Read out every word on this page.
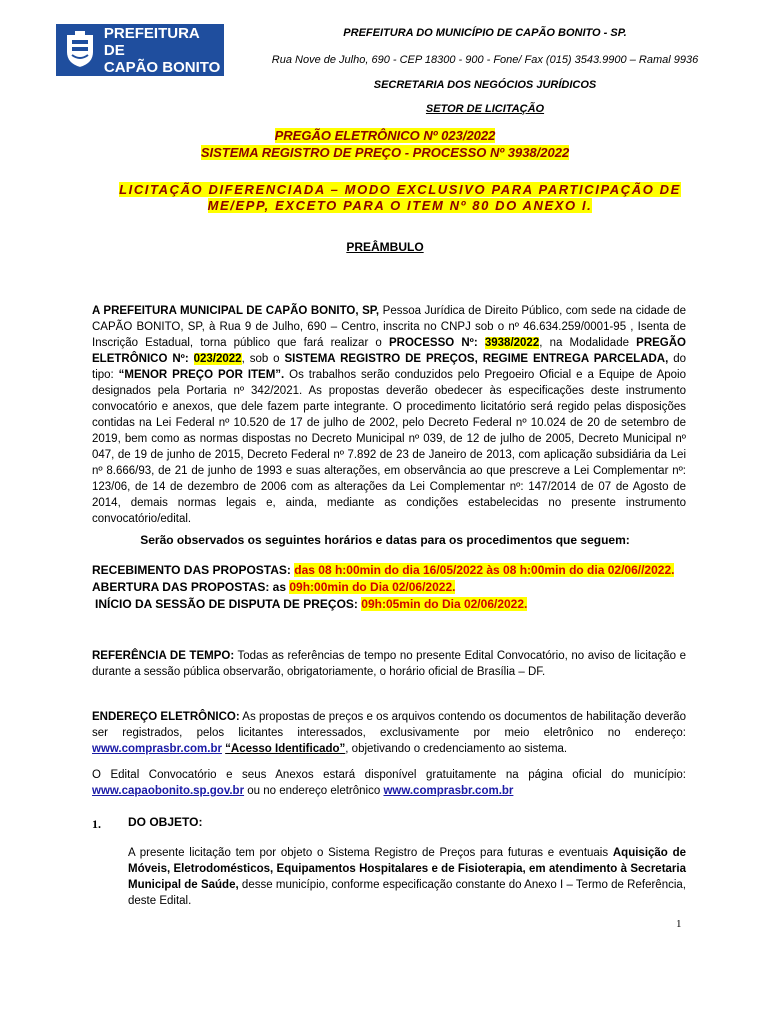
PREFEITURA DE
CAPÃO BONITO
PREFEITURA DO MUNICÍPIO DE CAPÃO BONITO - SP.
Rua Nove de Julho, 690 - CEP 18300 - 900 - Fone/ Fax (015) 3543.9900 – Ramal 9936
SECRETARIA DOS NEGÓCIOS JURÍDICOS
SETOR DE LICITAÇÃO
PREGÃO ELETRÔNICO Nº 023/2022
SISTEMA REGISTRO DE PREÇO - PROCESSO Nº 3938/2022
LICITAÇÃO DIFERENCIADA – MODO EXCLUSIVO PARA PARTICIPAÇÃO DE
ME/EPP, EXCETO PARA O ITEM Nº 80 DO ANEXO I.
PREÂMBULO
A PREFEITURA MUNICIPAL DE CAPÃO BONITO, SP, Pessoa Jurídica de Direito Público, com sede na cidade de CAPÃO BONITO, SP, à Rua 9 de Julho, 690 – Centro, inscrita no CNPJ sob o nº 46.634.259/0001-95 , Isenta de Inscrição Estadual, torna público que fará realizar o PROCESSO Nº: 3938/2022, na Modalidade PREGÃO ELETRÔNICO Nº: 023/2022, sob o SISTEMA REGISTRO DE PREÇOS, REGIME ENTREGA PARCELADA, do tipo: “MENOR PREÇO POR ITEM”. Os trabalhos serão conduzidos pelo Pregoeiro Oficial e a Equipe de Apoio designados pela Portaria nº 342/2021. As propostas deverão obedecer às especificações deste instrumento convocatório e anexos, que dele fazem parte integrante. O procedimento licitatório será regido pelas disposições contidas na Lei Federal nº 10.520 de 17 de julho de 2002, pelo Decreto Federal nº 10.024 de 20 de setembro de 2019, bem como as normas dispostas no Decreto Municipal nº 039, de 12 de julho de 2005, Decreto Municipal nº 047, de 19 de junho de 2015, Decreto Federal nº 7.892 de 23 de Janeiro de 2013, com aplicação subsidiária da Lei nº 8.666/93, de 21 de junho de 1993 e suas alterações, em observância ao que prescreve a Lei Complementar nº: 123/06, de 14 de dezembro de 2006 com as alterações da Lei Complementar nº: 147/2014 de 07 de Agosto de 2014, demais normas legais e, ainda, mediante as condições estabelecidas no presente instrumento convocatório/edital.
Serão observados os seguintes horários e datas para os procedimentos que seguem:
RECEBIMENTO DAS PROPOSTAS: das 08 h:00min do dia 16/05/2022 às 08 h:00min do dia 02/06//2022.
ABERTURA DAS PROPOSTAS: as 09h:00min do Dia 02/06/2022.
INÍCIO DA SESSÃO DE DISPUTA DE PREÇOS: 09h:05min do Dia 02/06/2022.
REFERÊNCIA DE TEMPO: Todas as referências de tempo no presente Edital Convocatório, no aviso de licitação e durante a sessão pública observarão, obrigatoriamente, o horário oficial de Brasília – DF.
ENDEREÇO ELETRÔNICO: As propostas de preços e os arquivos contendo os documentos de habilitação deverão ser registrados, pelos licitantes interessados, exclusivamente por meio eletrônico no endereço: www.comprasbr.com.br “Acesso Identificado”, objetivando o credenciamento ao sistema.
O Edital Convocatório e seus Anexos estará disponível gratuitamente na página oficial do município: www.capaobonito.sp.gov.br ou no endereço eletrônico www.comprasbr.com.br
1. DO OBJETO:
A presente licitação tem por objeto o Sistema Registro de Preços para futuras e eventuais Aquisição de Móveis, Eletrodomésticos, Equipamentos Hospitalares e de Fisioterapia, em atendimento à Secretaria Municipal de Saúde, desse município, conforme especificação constante do Anexo I – Termo de Referência, deste Edital.
1
